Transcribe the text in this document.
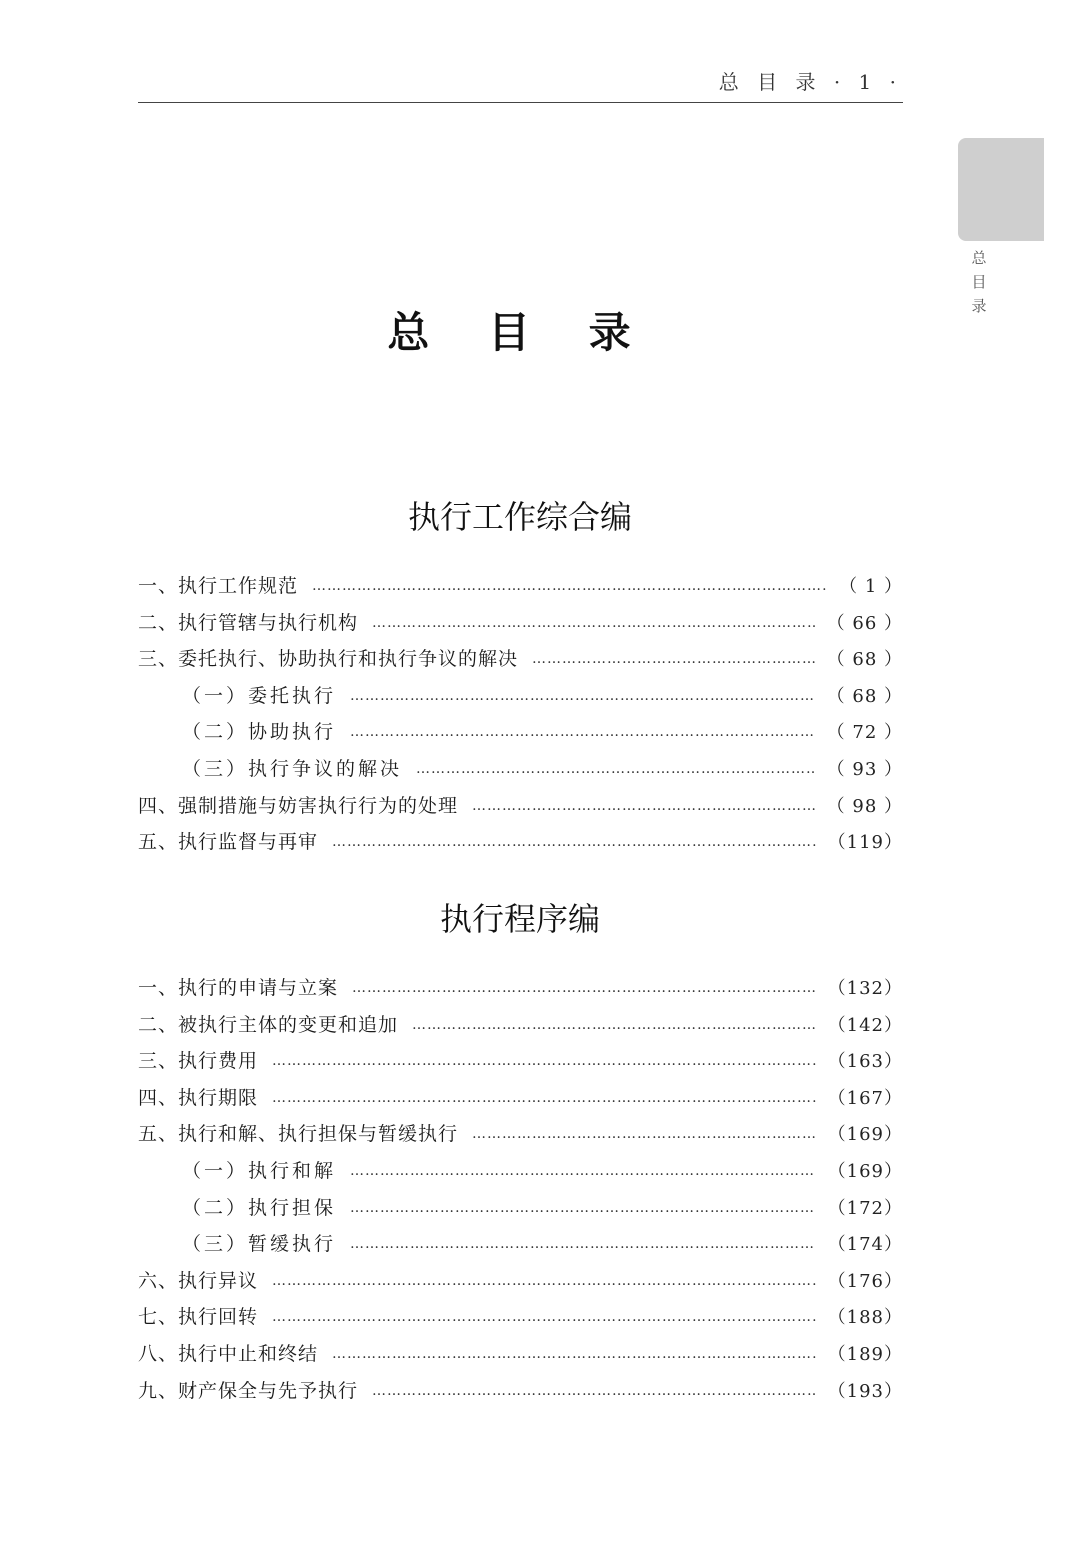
总 目 录 · 1 ·
总
目
录
总 目 录
执行工作综合编
一、执行工作规范 ……………………………………………………………………………………………………………………………………………………………………………………………………………………	（ 1 ）
二、执行管辖与执行机构 ……………………………………………………………………………………………………………………………………………………………………………………………………………………	（ 66 ）
三、委托执行、协助执行和执行争议的解决 ……………………………………………………………………………………………………………………………………………………………………………………………………………………	（ 68 ）
（一）委托执行 ……………………………………………………………………………………………………………………………………………………………………………………………………………………	（ 68 ）
（二）协助执行 ……………………………………………………………………………………………………………………………………………………………………………………………………………………	（ 72 ）
（三）执行争议的解决 ……………………………………………………………………………………………………………………………………………………………………………………………………………………	（ 93 ）
四、强制措施与妨害执行行为的处理 ……………………………………………………………………………………………………………………………………………………………………………………………………………………	（ 98 ）
五、执行监督与再审 ……………………………………………………………………………………………………………………………………………………………………………………………………………………	（119）
执行程序编
一、执行的申请与立案 ……………………………………………………………………………………………………………………………………………………………………………………………………………………	（132）
二、被执行主体的变更和追加 ……………………………………………………………………………………………………………………………………………………………………………………………………………………	（142）
三、执行费用 ……………………………………………………………………………………………………………………………………………………………………………………………………………………	（163）
四、执行期限 ……………………………………………………………………………………………………………………………………………………………………………………………………………………	（167）
五、执行和解、执行担保与暂缓执行 ……………………………………………………………………………………………………………………………………………………………………………………………………………………	（169）
（一）执行和解 ……………………………………………………………………………………………………………………………………………………………………………………………………………………	（169）
（二）执行担保 ……………………………………………………………………………………………………………………………………………………………………………………………………………………	（172）
（三）暂缓执行 ……………………………………………………………………………………………………………………………………………………………………………………………………………………	（174）
六、执行异议 ……………………………………………………………………………………………………………………………………………………………………………………………………………………	（176）
七、执行回转 ……………………………………………………………………………………………………………………………………………………………………………………………………………………	（188）
八、执行中止和终结 ……………………………………………………………………………………………………………………………………………………………………………………………………………………	（189）
九、财产保全与先予执行 ……………………………………………………………………………………………………………………………………………………………………………………………………………………	（193）
